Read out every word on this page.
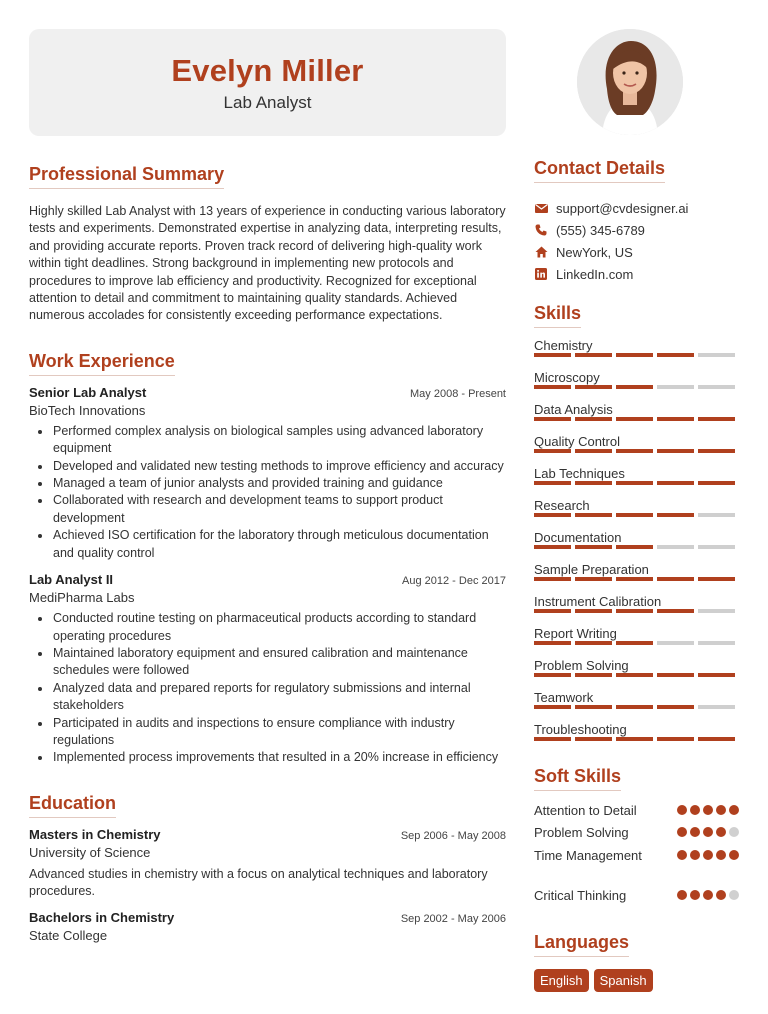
Evelyn Miller
Lab Analyst
Professional Summary

Highly skilled Lab Analyst with 13 years of experience in conducting various laboratory tests and experiments. Demonstrated expertise in analyzing data, interpreting results, and providing accurate reports. Proven track record of delivering high-quality work within tight deadlines. Strong background in implementing new protocols and procedures to improve lab efficiency and productivity. Recognized for exceptional attention to detail and commitment to maintaining quality standards. Achieved numerous accolades for consistently exceeding performance expectations.

Work Experience
Senior Lab Analyst	May 2008 - Present
BioTech Innovations
Performed complex analysis on biological samples using advanced laboratory equipment
Developed and validated new testing methods to improve efficiency and accuracy
Managed a team of junior analysts and provided training and guidance
Collaborated with research and development teams to support product development
Achieved ISO certification for the laboratory through meticulous documentation and quality control
Lab Analyst II	Aug 2012 - Dec 2017
MediPharma Labs
Conducted routine testing on pharmaceutical products according to standard operating procedures
Maintained laboratory equipment and ensured calibration and maintenance schedules were followed
Analyzed data and prepared reports for regulatory submissions and internal stakeholders
Participated in audits and inspections to ensure compliance with industry regulations
Implemented process improvements that resulted in a 20% increase in efficiency
Education
Masters in Chemistry	Sep 2006 - May 2008
University of Science
Advanced studies in chemistry with a focus on analytical techniques and laboratory procedures.
Bachelors in Chemistry	Sep 2002 - May 2006
State College
Contact Details
support@cvdesigner.ai
(555) 345-6789
NewYork, US
LinkedIn.com
Skills
Chemistry
Microscopy
Data Analysis
Quality Control
Lab Techniques
Research
Documentation
Sample Preparation
Instrument Calibration
Report Writing
Problem Solving
Teamwork
Troubleshooting
Soft Skills
Attention to Detail
Problem Solving
Time Management
Critical Thinking
Languages
English	Spanish
